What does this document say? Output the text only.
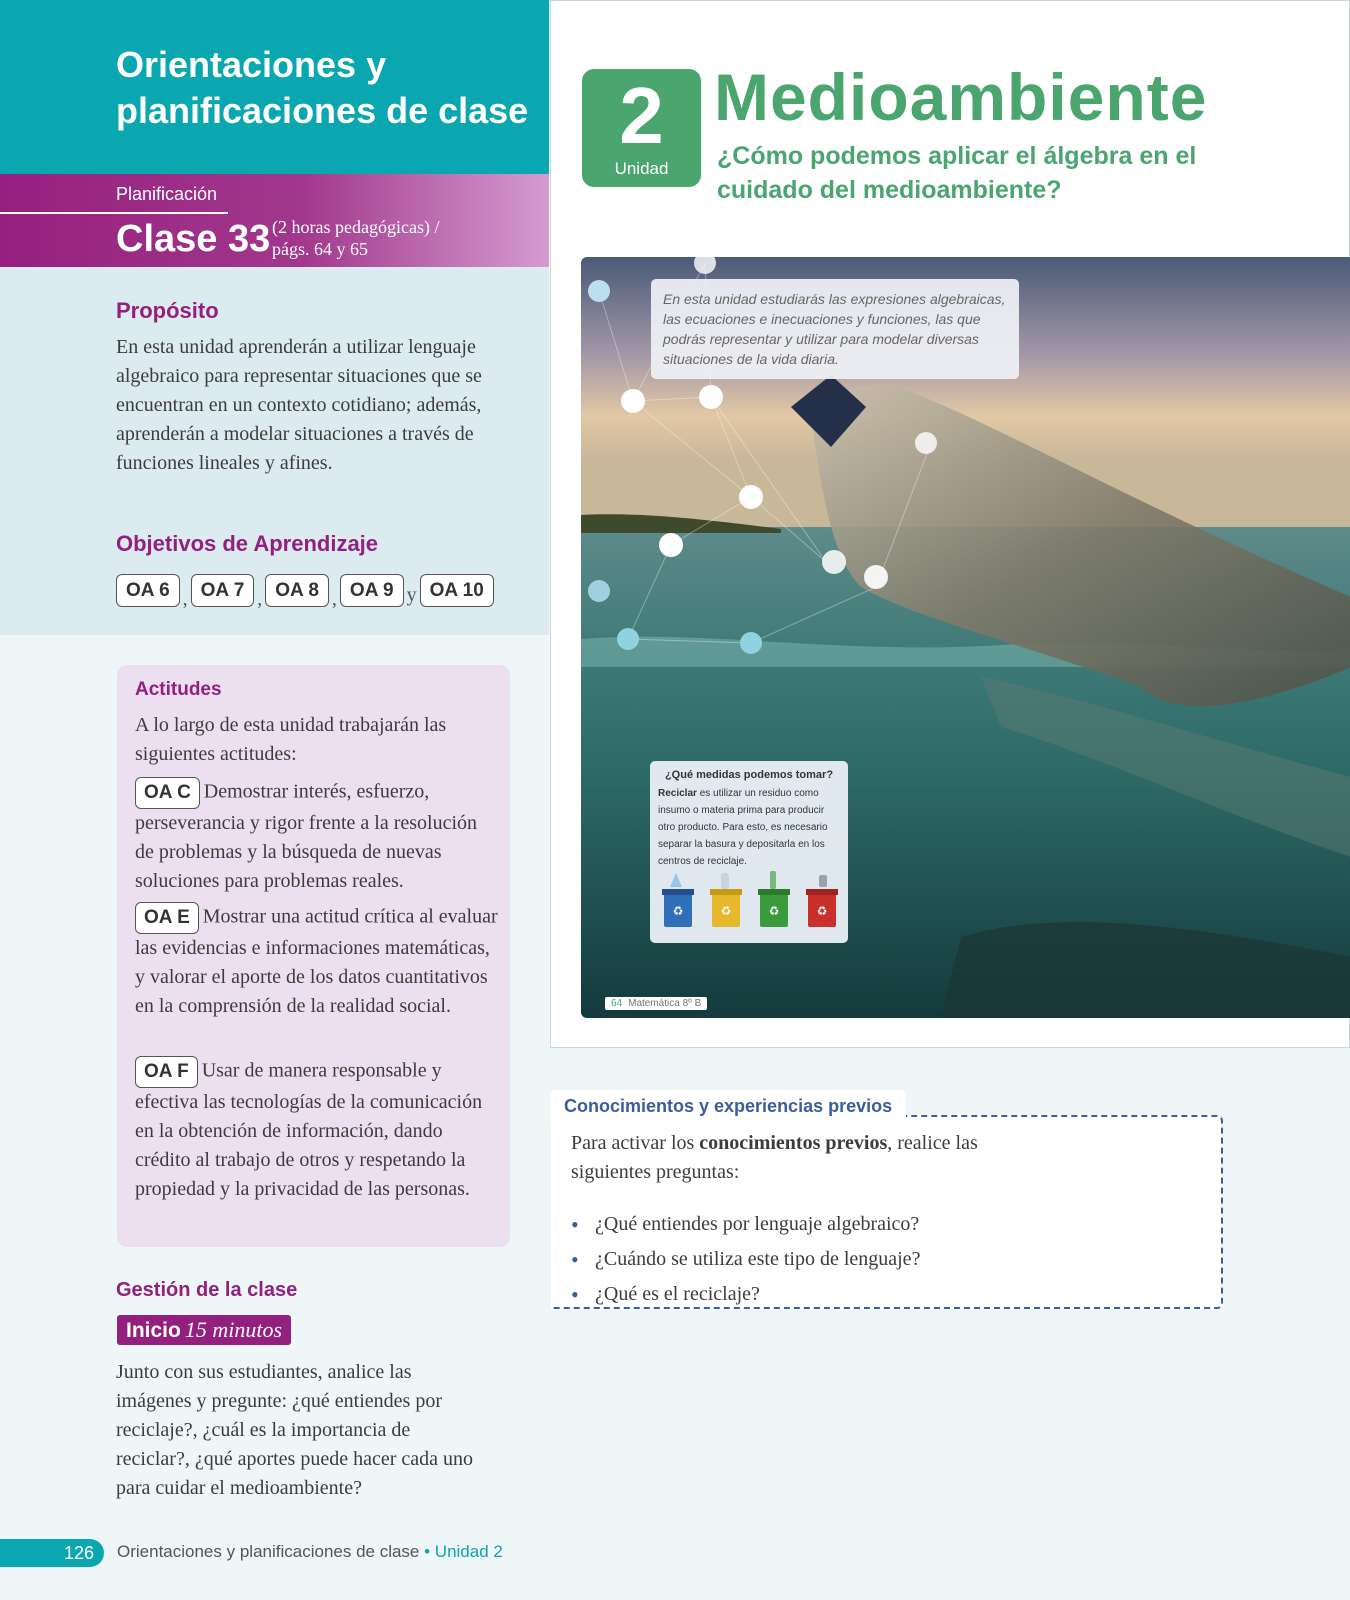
Orientaciones y planificaciones de clase
Planificación
Clase 33 (2 horas pedagógicas) /
págs. 64 y 65
Propósito
En esta unidad aprenderán a utilizar lenguaje algebraico para representar situaciones que se encuentran en un contexto cotidiano; además, aprenderán a modelar situaciones a través de funciones lineales y afines.
Objetivos de Aprendizaje
OA 6 , OA 7 , OA 8 , OA 9 y OA 10
Actitudes
A lo largo de esta unidad trabajarán las siguientes actitudes:
OA C Demostrar interés, esfuerzo, perseverancia y rigor frente a la resolución de problemas y la búsqueda de nuevas soluciones para problemas reales.
OA E Mostrar una actitud crítica al evaluar las evidencias e informaciones matemáticas, y valorar el aporte de los datos cuantitativos en la comprensión de la realidad social.
OA F Usar de manera responsable y efectiva las tecnologías de la comunicación en la obtención de información, dando crédito al trabajo de otros y respetando la propiedad y la privacidad de las personas.
Gestión de la clase
Inicio 15 minutos
Junto con sus estudiantes, analice las imágenes y pregunte: ¿qué entiendes por reciclaje?, ¿cuál es la importancia de reciclar?, ¿qué aportes puede hacer cada uno para cuidar el medioambiente?
126	Orientaciones y planificaciones de clase • Unidad 2
2
Unidad
Medioambiente
¿Cómo podemos aplicar el álgebra en el cuidado del medioambiente?
En esta unidad estudiarás las expresiones algebraicas, las ecuaciones e inecuaciones y funciones, las que podrás representar y utilizar para modelar diversas situaciones de la vida diaria.
¿Qué medidas podemos tomar?
Reciclar es utilizar un residuo como insumo o materia prima para producir otro producto. Para esto, es necesario separar la basura y depositarla en los centros de reciclaje.
♻	♻	♻	♻
64 Matemática 8º B
Para activar los conocimientos previos, realice las siguientes preguntas:
• ¿Qué entiendes por lenguaje algebraico?
• ¿Cuándo se utiliza este tipo de lenguaje?
• ¿Qué es el reciclaje?
Conocimientos y experiencias previos
